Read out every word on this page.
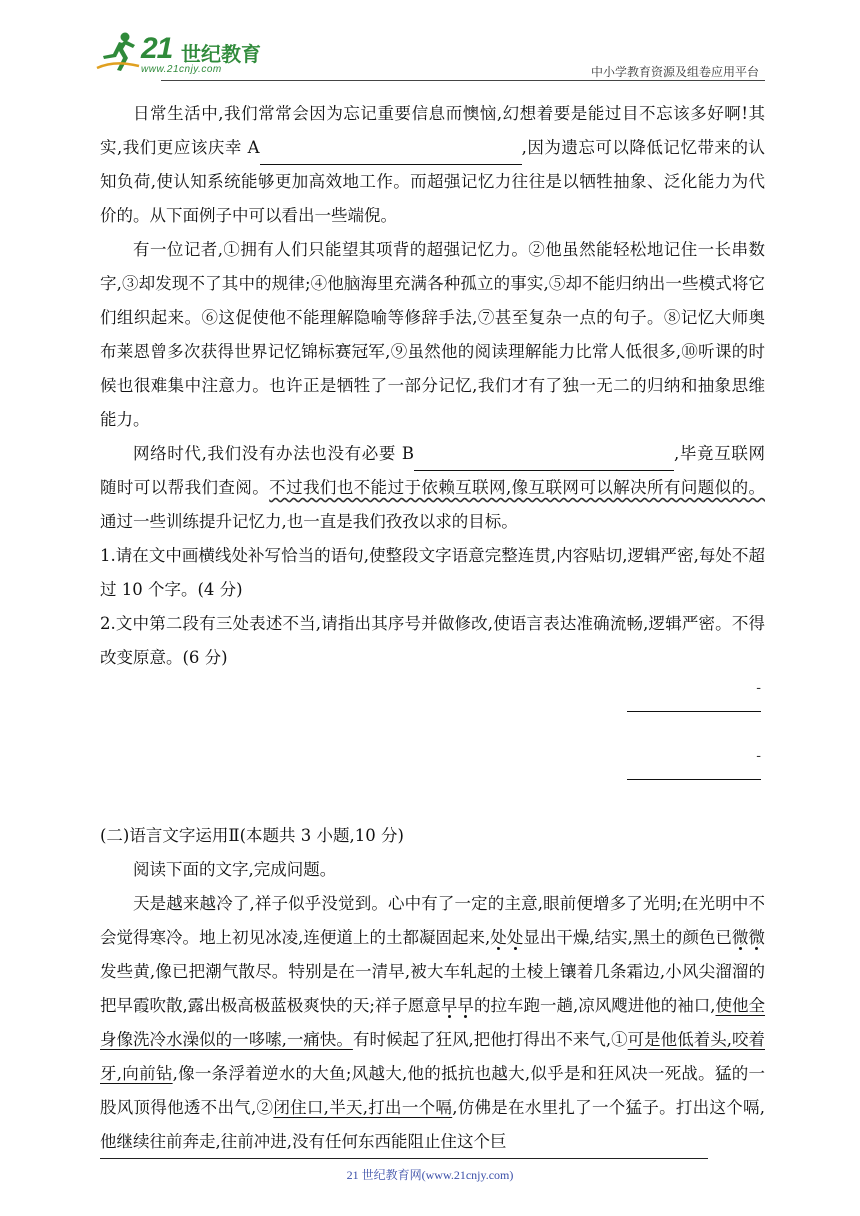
21 世纪教育
www.21cnjy.com	中小学教育资源及组卷应用平台

日常生活中,我们常常会因为忘记重要信息而懊恼,幻想着要是能过目不忘该多好啊!其实,我们更应该庆幸 A	,因为遗忘可以降低记忆带来的认知负荷,使认知系统能够更加高效地工作。而超强记忆力往往是以牺牲抽象、泛化能力为代价的。从下面例子中可以看出一些端倪。

有一位记者,①拥有人们只能望其项背的超强记忆力。②他虽然能轻松地记住一长串数字,③却发现不了其中的规律;④他脑海里充满各种孤立的事实,⑤却不能归纳出一些模式将它们组织起来。⑥这促使他不能理解隐喻等修辞手法,⑦甚至复杂一点的句子。⑧记忆大师奥布莱恩曾多次获得世界记忆锦标赛冠军,⑨虽然他的阅读理解能力比常人低很多,⑩听课的时候也很难集中注意力。也许正是牺牲了一部分记忆,我们才有了独一无二的归纳和抽象思维能力。

网络时代,我们没有办法也没有必要 B	,毕竟互联网随时可以帮我们查阅。不过我们也不能过于依赖互联网,像互联网可以解决所有问题似的。通过一些训练提升记忆力,也一直是我们孜孜以求的目标。

1.请在文中画横线处补写恰当的语句,使整段文字语意完整连贯,内容贴切,逻辑严密,每处不超过 10 个字。(4 分)

2.文中第二段有三处表述不当,请指出其序号并做修改,使语言表达准确流畅,逻辑严密。不得改变原意。(6 分)

-
-

(二)语言文字运用Ⅱ(本题共 3 小题,10 分)

阅读下面的文字,完成问题。

天是越来越冷了,祥子似乎没觉到。心中有了一定的主意,眼前便增多了光明;在光明中不会觉得寒冷。地上初见冰凌,连便道上的土都凝固起来,处处显出干燥,结实,黑土的颜色已微微发些黄,像已把潮气散尽。特别是在一清早,被大车轧起的土棱上镶着几条霜边,小风尖溜溜的把早霞吹散,露出极高极蓝极爽快的天;祥子愿意早早的拉车跑一趟,凉风飕进他的袖口,使他全身像洗冷水澡似的一哆嗦,一痛快。有时候起了狂风,把他打得出不来气,①可是他低着头,咬着牙,向前钻,像一条浮着逆水的大鱼;风越大,他的抵抗也越大,似乎是和狂风决一死战。猛的一股风顶得他透不出气,②闭住口,半天,打出一个嗝,仿佛是在水里扎了一个猛子。打出这个嗝,他继续往前奔走,往前冲进,没有任何东西能阻止住这个巨

21 世纪教育网(www.21cnjy.com)
